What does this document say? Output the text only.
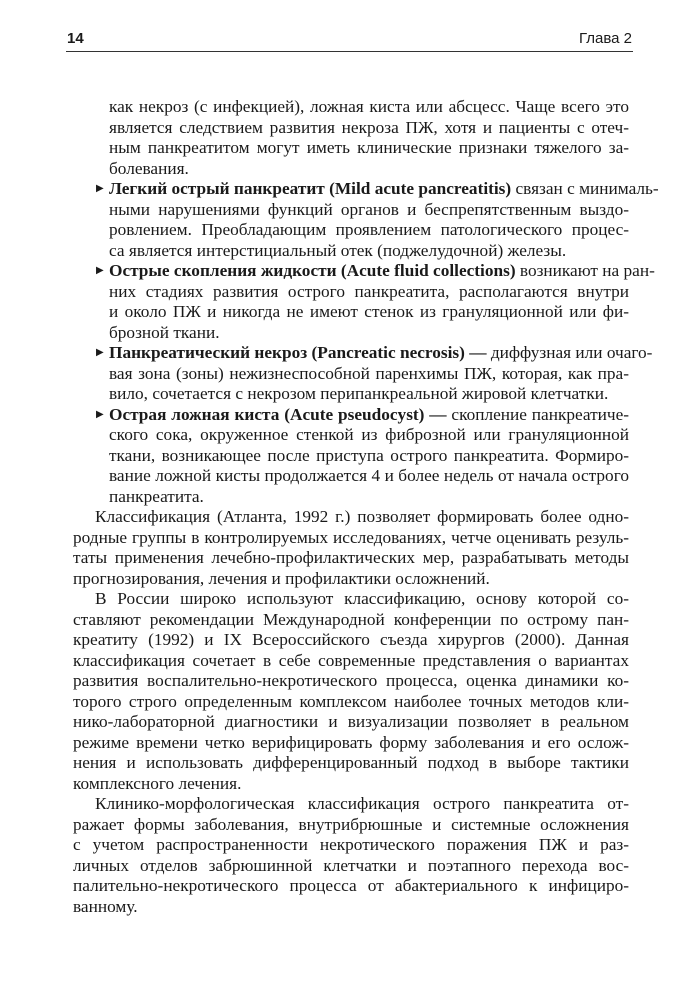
14	Глава 2
как некроз (с инфекцией), ложная киста или абсцесс. Чаще всего это
является следствием развития некроза ПЖ, хотя и пациенты с отеч-
ным панкреатитом могут иметь клинические признаки тяжелого за-
болевания.
▶ Легкий острый панкреатит (Mild acute pancreatitis) связан с минималь-
ными нарушениями функций органов и беспрепятственным выздо-
ровлением. Преобладающим проявлением патологического процес-
са является интерстициальный отек (поджелудочной) железы.
▶ Острые скопления жидкости (Acute fluid collections) возникают на ран-
них стадиях развития острого панкреатита, располагаются внутри
и около ПЖ и никогда не имеют стенок из грануляционной или фи-
брозной ткани.
▶ Панкреатический некроз (Pancreatic necrosis) — диффузная или очаго-
вая зона (зоны) нежизнеспособной паренхимы ПЖ, которая, как пра-
вило, сочетается с некрозом перипанкреальной жировой клетчатки.
▶ Острая ложная киста (Acute pseudocyst) — скопление панкреатиче-
ского сока, окруженное стенкой из фиброзной или грануляционной
ткани, возникающее после приступа острого панкреатита. Формиро-
вание ложной кисты продолжается 4 и более недель от начала острого
панкреатита.
Классификация (Атланта, 1992 г.) позволяет формировать более одно-
родные группы в контролируемых исследованиях, четче оценивать резуль-
таты применения лечебно-профилактических мер, разрабатывать методы
прогнозирования, лечения и профилактики осложнений.
В России широко используют классификацию, основу которой со-
ставляют рекомендации Международной конференции по острому пан-
креатиту (1992) и IX Всероссийского съезда хирургов (2000). Данная
классификация сочетает в себе современные представления о вариантах
развития воспалительно-некротического процесса, оценка динамики ко-
торого строго определенным комплексом наиболее точных методов кли-
нико-лабораторной диагностики и визуализации позволяет в реальном
режиме времени четко верифицировать форму заболевания и его ослож-
нения и использовать дифференцированный подход в выборе тактики
комплексного лечения.
Клинико-морфологическая классификация острого панкреатита от-
ражает формы заболевания, внутрибрюшные и системные осложнения
с учетом распространенности некротического поражения ПЖ и раз-
личных отделов забрюшинной клетчатки и поэтапного перехода вос-
палительно-некротического процесса от абактериального к инфициро-
ванному.
